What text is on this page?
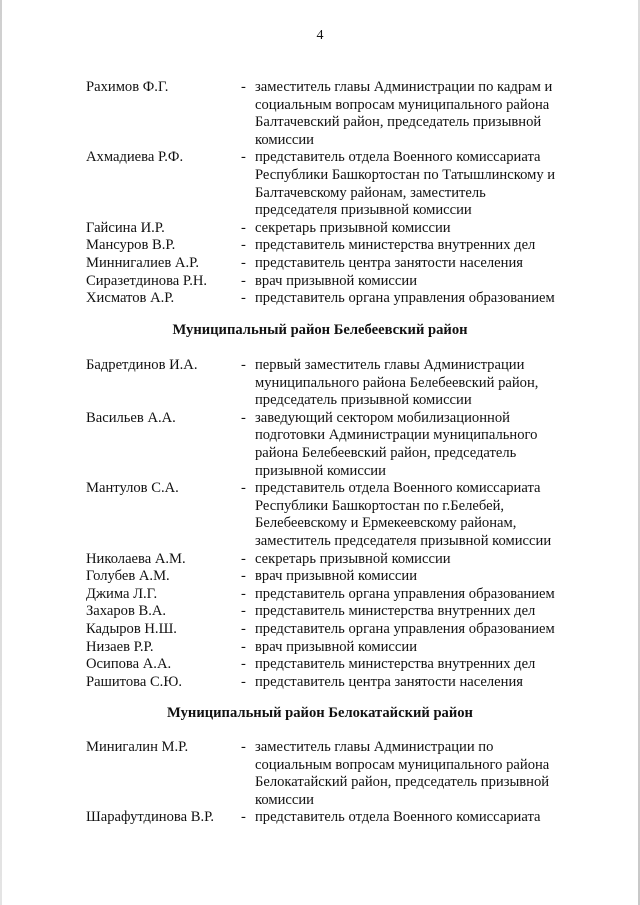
4
Рахимов Ф.Г.	- заместитель главы Администрации по кадрам и
социальным вопросам муниципального района
Балтачевский район, председатель призывной
комиссии
Ахмадиева Р.Ф.	- представитель отдела Военного комиссариата
Республики Башкортостан по Татышлинскому и
Балтачевскому районам, заместитель
председателя призывной комиссии
Гайсина И.Р.	- секретарь призывной комиссии
Мансуров В.Р.	- представитель министерства внутренних дел
Миннигалиев А.Р.	- представитель центра занятости населения
Сиразетдинова Р.Н. - врач призывной комиссии
Хисматов А.Р.	- представитель органа управления образованием
Муниципальный район Белебеевский район
Бадретдинов И.А.	- первый заместитель главы Администрации
муниципального района Белебеевский район,
председатель призывной комиссии
Васильев А.А.	- заведующий сектором мобилизационной
подготовки Администрации муниципального
района Белебеевский район, председатель
призывной комиссии
Мантулов С.А.	- представитель отдела Военного комиссариата
Республики Башкортостан по г.Белебей,
Белебеевскому и Ермекеевскому районам,
заместитель председателя призывной комиссии
Николаева А.М.	- секретарь призывной комиссии
Голубев А.М.	- врач призывной комиссии
Джима Л.Г.	- представитель органа управления образованием
Захаров В.А.	- представитель министерства внутренних дел
Кадыров Н.Ш.	- представитель органа управления образованием
Низаев Р.Р.	- врач призывной комиссии
Осипова А.А.	- представитель министерства внутренних дел
Рашитова С.Ю.	- представитель центра занятости населения
Муниципальный район Белокатайский район
Минигалин М.Р.	- заместитель главы Администрации по
социальным вопросам муниципального района
Белокатайский район, председатель призывной
комиссии
Шарафутдинова В.Р. - представитель отдела Военного комиссариата
